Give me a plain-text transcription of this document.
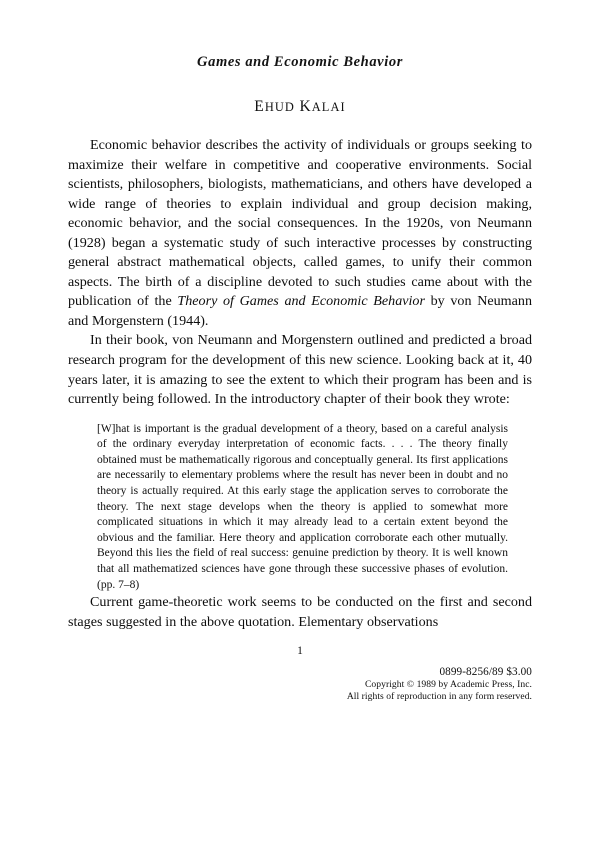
Games and Economic Behavior
EHUD KALAI

Economic behavior describes the activity of individuals or groups seeking to maximize their welfare in competitive and cooperative environments. Social scientists, philosophers, biologists, mathematicians, and others have developed a wide range of theories to explain individual and group decision making, economic behavior, and the social consequences. In the 1920s, von Neumann (1928) began a systematic study of such interactive processes by constructing general abstract mathematical objects, called games, to unify their common aspects. The birth of a discipline devoted to such studies came about with the publication of the Theory of Games and Economic Behavior by von Neumann and Morgenstern (1944).

In their book, von Neumann and Morgenstern outlined and predicted a broad research program for the development of this new science. Looking back at it, 40 years later, it is amazing to see the extent to which their program has been and is currently being followed. In the introductory chapter of their book they wrote:

[W]hat is important is the gradual development of a theory, based on a careful analysis of the ordinary everyday interpretation of economic facts. . . . The theory finally obtained must be mathematically rigorous and conceptually general. Its first applications are necessarily to elementary problems where the result has never been in doubt and no theory is actually required. At this early stage the application serves to corroborate the theory. The next stage develops when the theory is applied to somewhat more complicated situations in which it may already lead to a certain extent beyond the obvious and the familiar. Here theory and application corroborate each other mutually. Beyond this lies the field of real success: genuine prediction by theory. It is well known that all mathematized sciences have gone through these successive phases of evolution. (pp. 7–8)

Current game-theoretic work seems to be conducted on the first and second stages suggested in the above quotation. Elementary observations

1
0899-8256/89 $3.00
Copyright © 1989 by Academic Press, Inc.
All rights of reproduction in any form reserved.
